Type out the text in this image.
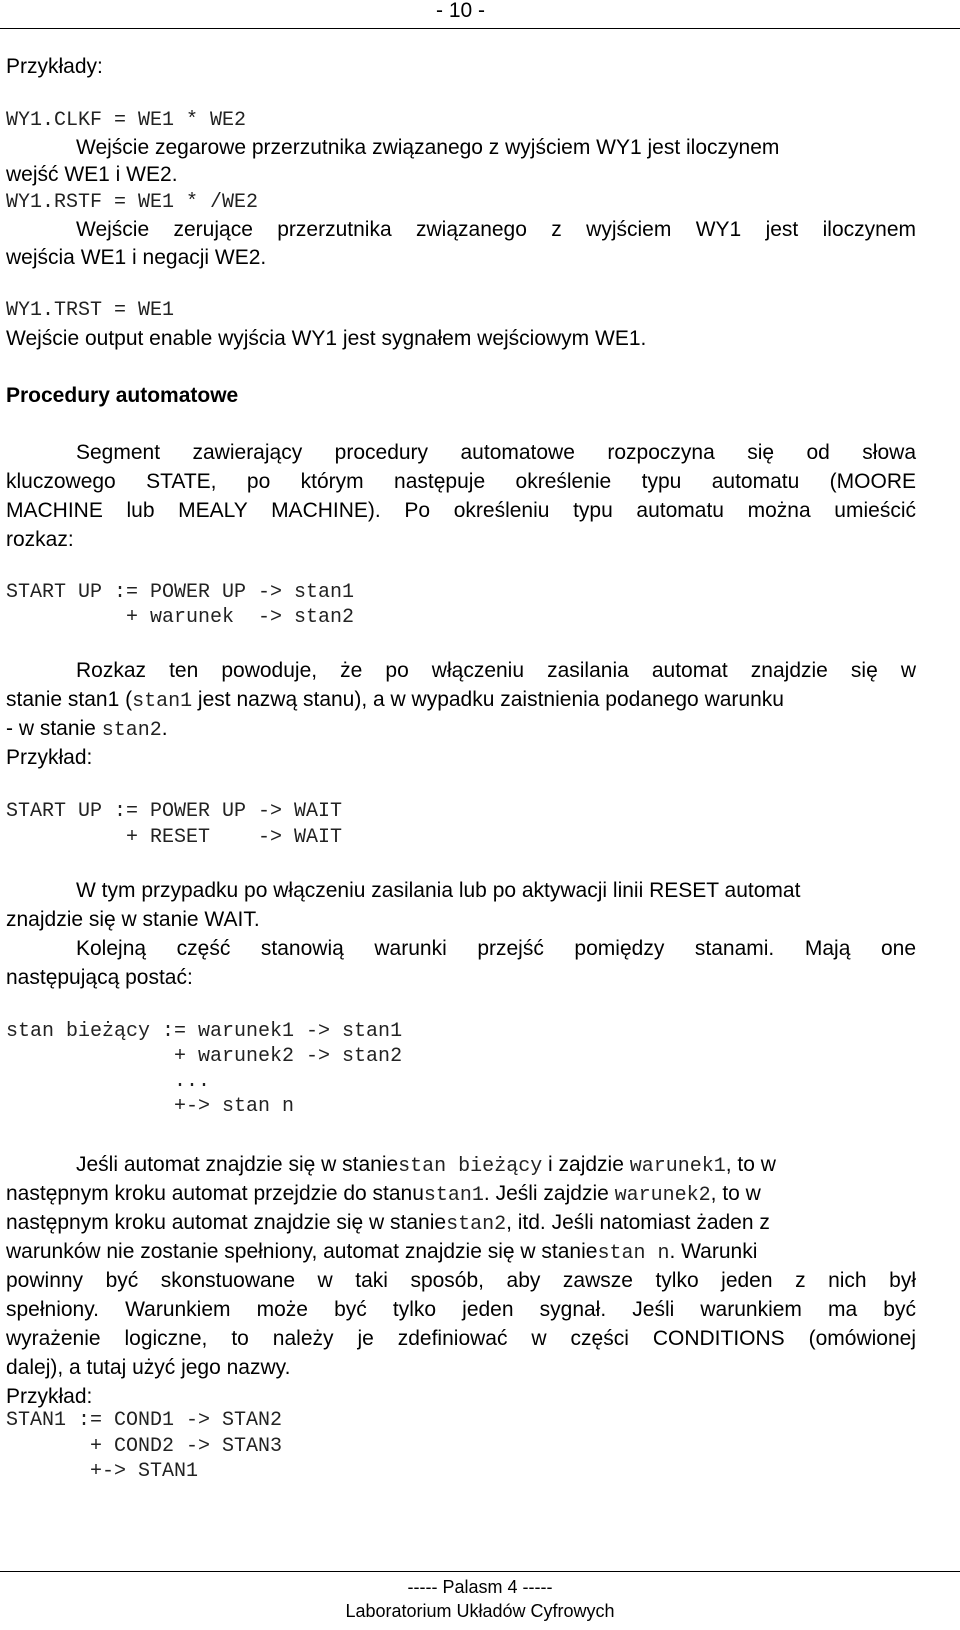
- 10 -
Przykłady:
WY1.CLKF = WE1 * WE2
Wejście zegarowe przerzutnika związanego z wyjściem WY1 jest iloczynem
wejść WE1 i WE2.
WY1.RSTF = WE1 * /WE2
Wejście zerujące przerzutnika związanego z wyjściem WY1 jest iloczynem
wejścia WE1 i negacji WE2.
WY1.TRST = WE1
Wejście output enable wyjścia WY1 jest sygnałem wejściowym WE1.
Procedury automatowe
Segment zawierający procedury automatowe rozpoczyna się od słowa
kluczowego STATE, po którym następuje określenie typu automatu (MOORE
MACHINE lub MEALY MACHINE). Po określeniu typu automatu można umieścić
rozkaz:
START UP := POWER UP -> stan1
+ warunek  -> stan2
Rozkaz ten powoduje, że po włączeniu zasilania automat znajdzie się w
stanie stan1 (stan1 jest nazwą stanu), a w wypadku zaistnienia podanego warunku
- w stanie stan2.
Przykład:
START UP := POWER UP -> WAIT
+ RESET    -> WAIT
W tym przypadku po włączeniu zasilania lub po aktywacji linii RESET automat
znajdzie się w stanie WAIT.
Kolejną część stanowią warunki przejść pomiędzy stanami. Mają one
następującą postać:
stan bieżący := warunek1 -> stan1
+ warunek2 -> stan2
...
+-> stan n
Jeśli automat znajdzie się w staniestan bieżący i zajdzie warunek1, to w
następnym kroku automat przejdzie do stanustan1. Jeśli zajdzie warunek2, to w
następnym kroku automat znajdzie się w staniestan2, itd. Jeśli natomiast żaden z
warunków nie zostanie spełniony, automat znajdzie się w staniestan n. Warunki
powinny być skonstuowane w taki sposób, aby zawsze tylko jeden z nich był
spełniony. Warunkiem może być tylko jeden sygnał. Jeśli warunkiem ma być
wyrażenie logiczne, to należy je zdefiniować w części CONDITIONS (omówionej
dalej), a tutaj użyć jego nazwy.
Przykład:
STAN1 := COND1 -> STAN2
+ COND2 -> STAN3
+-> STAN1
----- Palasm 4 -----
Laboratorium Układów Cyfrowych
